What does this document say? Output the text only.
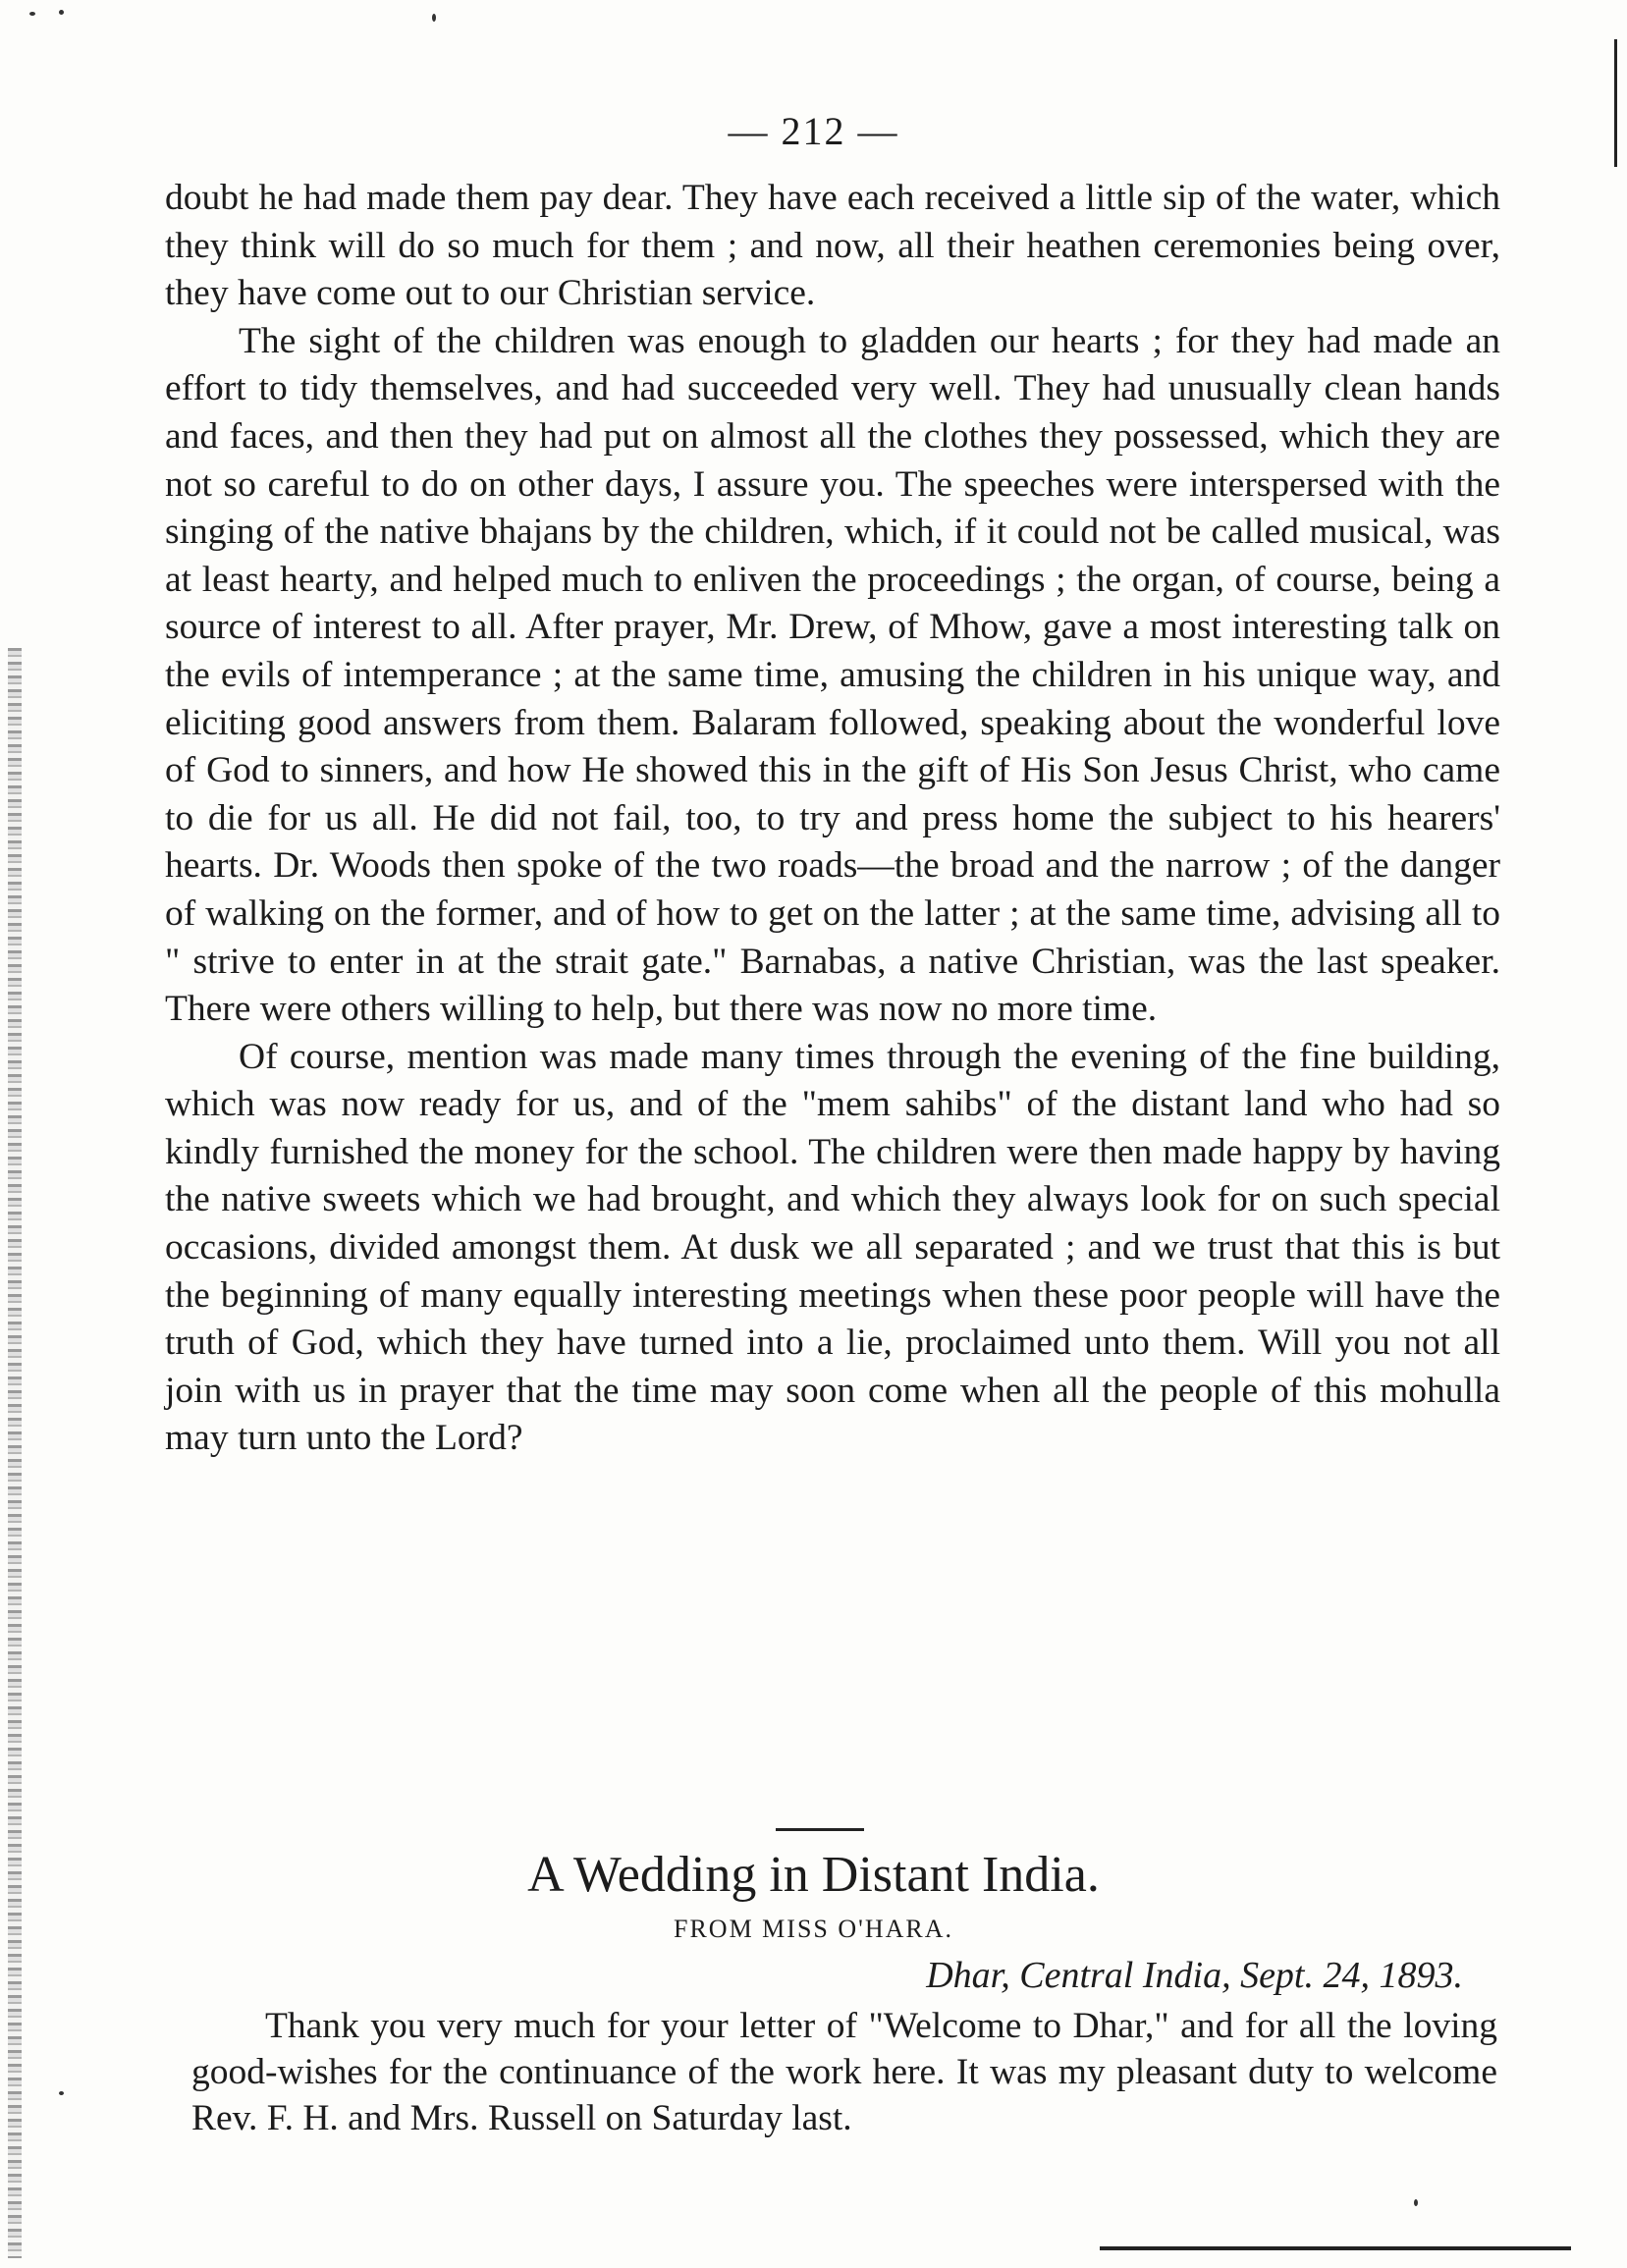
— 212 —

doubt he had made them pay dear. They have each received a little sip of the water, which they think will do so much for them ; and now, all their heathen ceremonies being over, they have come out to our Christian service.

The sight of the children was enough to gladden our hearts ; for they had made an effort to tidy themselves, and had succeeded very well. They had unusually clean hands and faces, and then they had put on almost all the clothes they possessed, which they are not so careful to do on other days, I assure you. The speeches were interspersed with the singing of the native bhajans by the children, which, if it could not be called musical, was at least hearty, and helped much to enliven the proceedings ; the organ, of course, being a source of interest to all. After prayer, Mr. Drew, of Mhow, gave a most interesting talk on the evils of intemperance ; at the same time, amusing the children in his unique way, and eliciting good answers from them. Balaram followed, speaking about the wonderful love of God to sinners, and how He showed this in the gift of His Son Jesus Christ, who came to die for us all. He did not fail, too, to try and press home the subject to his hearers' hearts. Dr. Woods then spoke of the two roads—the broad and the narrow ; of the danger of walking on the former, and of how to get on the latter ; at the same time, advising all to " strive to enter in at the strait gate." Barnabas, a native Christian, was the last speaker. There were others willing to help, but there was now no more time.

Of course, mention was made many times through the evening of the fine building, which was now ready for us, and of the "mem sahibs" of the distant land who had so kindly furnished the money for the school. The children were then made happy by having the native sweets which we had brought, and which they always look for on such special occasions, divided amongst them. At dusk we all separated ; and we trust that this is but the beginning of many equally interesting meetings when these poor people will have the truth of God, which they have turned into a lie, proclaimed unto them. Will you not all join with us in prayer that the time may soon come when all the people of this mohulla may turn unto the Lord?

A Wedding in Distant India.
FROM MISS O'HARA.
Dhar, Central India, Sept. 24, 1893.

Thank you very much for your letter of "Welcome to Dhar," and for all the loving good-wishes for the continuance of the work here. It was my pleasant duty to welcome Rev. F. H. and Mrs. Russell on Saturday last.
